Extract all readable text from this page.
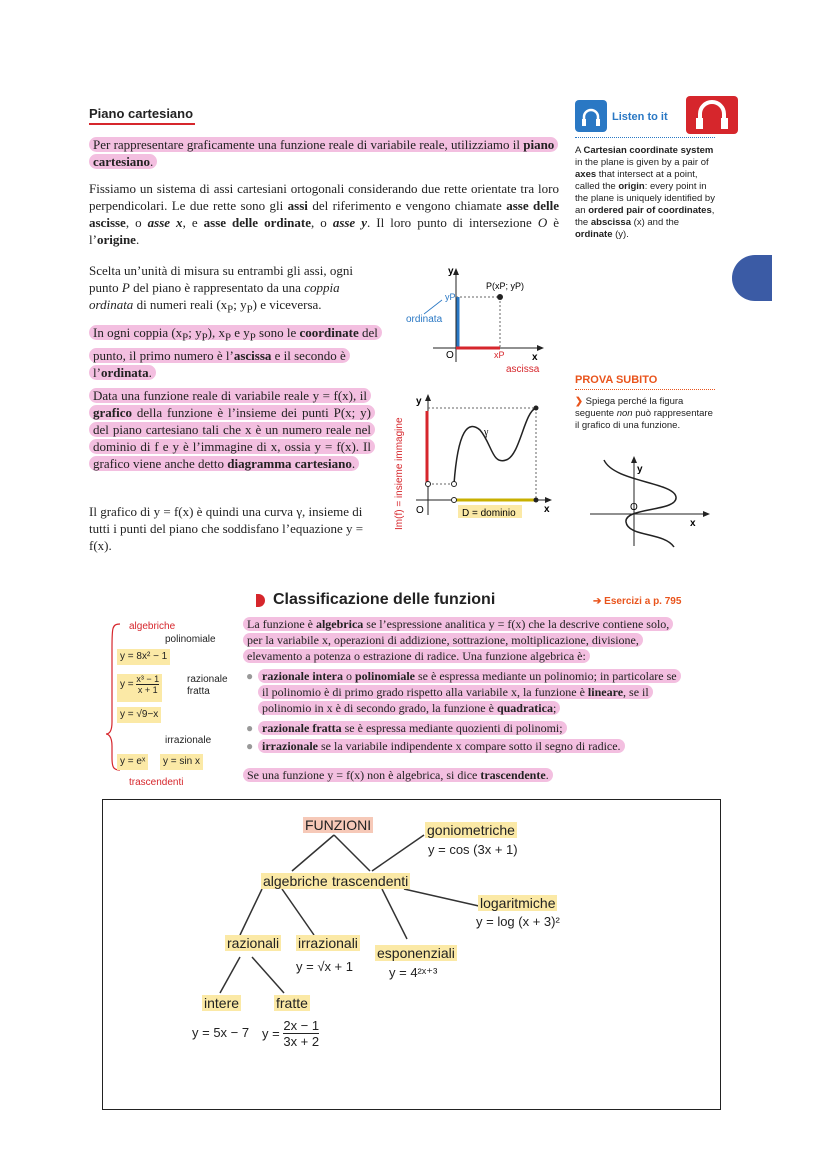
Piano cartesiano
Per rappresentare graficamente una funzione reale di variabile reale, utilizziamo il piano cartesiano.
Fissiamo un sistema di assi cartesiani ortogonali considerando due rette orientate tra loro perpendicolari. Le due rette sono gli assi del riferimento e vengono chiamate asse delle ascisse, o asse x, e asse delle ordinate, o asse y. Il loro punto di intersezione O è l’origine.
Scelta un’unità di misura su entrambi gli assi, ogni punto P del piano è rappresentato da una coppia ordinata di numeri reali ($x_P$; $y_P$) e viceversa.
In ogni coppia ($x_P$; $y_P$), $x_P$ e $y_P$ sono le coordinate del punto, il primo numero è l’ascissa e il secondo è l’ordinata.
Data una funzione reale di variabile reale y = f(x), il grafico della funzione è l’insieme dei punti P(x; y) del piano cartesiano tali che x è un numero reale nel dominio di f e y è l’immagine di x, ossia y = f(x). Il grafico viene anche detto diagramma cartesiano.
Il grafico di y = f(x) è quindi una curva γ, insieme di tutti i punti del piano che soddisfano l’equazione y = f(x).
y
x
O
P(xP; yP)
yP
xP
ordinata
ascissa
Im(f) = insieme immagine	γ
y
x
O	D = dominio
Listen to it
A Cartesian coordinate system in the plane is given by a pair of axes that intersect at a point, called the origin: every point in the plane is uniquely identified by an ordered pair of coordinates, the abscissa (x) and the ordinate (y).
PROVA SUBITO
❯ Spiega perché la figura seguente non può rappresentare il grafico di una funzione.
y
x
O
Classificazione delle funzioni	➔ Esercizi a p. 795
La funzione è algebrica se l’espressione analitica y = f(x) che la descrive contiene solo, per la variabile x, operazioni di addizione, sottrazione, moltiplicazione, divisione, elevamento a potenza o estrazione di radice. Una funzione algebrica è:
● razionale intera o polinomiale se è espressa mediante un polinomio; in particolare se il polinomio è di primo grado rispetto alla variabile x, la funzione è lineare, se il polinomio in x è di secondo grado, la funzione è quadratica;
● razionale fratta se è espressa mediante quozienti di polinomi;
● irrazionale se la variabile indipendente x compare sotto il segno di radice.
Se una funzione y = f(x) non è algebrica, si dice trascendente.
algebriche
polinomiale
y = 8x² − 1
$y = \frac{\text{x³ − 1}}{x + 1}$	razionale
fratta
y = √9−x
irrazionale
y = eˣ	y = sin x
trascendenti
FUNZIONI
algebriche trascendenti
goniometriche
y = cos (3x + 1)
logaritmiche
y = log (x + 3)²
esponenziali
y = 4²ˣ⁺³
razionali irrazionali
y = √x + 1
intere	fratte
y = 5x − 7 $y = \frac{2x - 1}{3x + 2}$
